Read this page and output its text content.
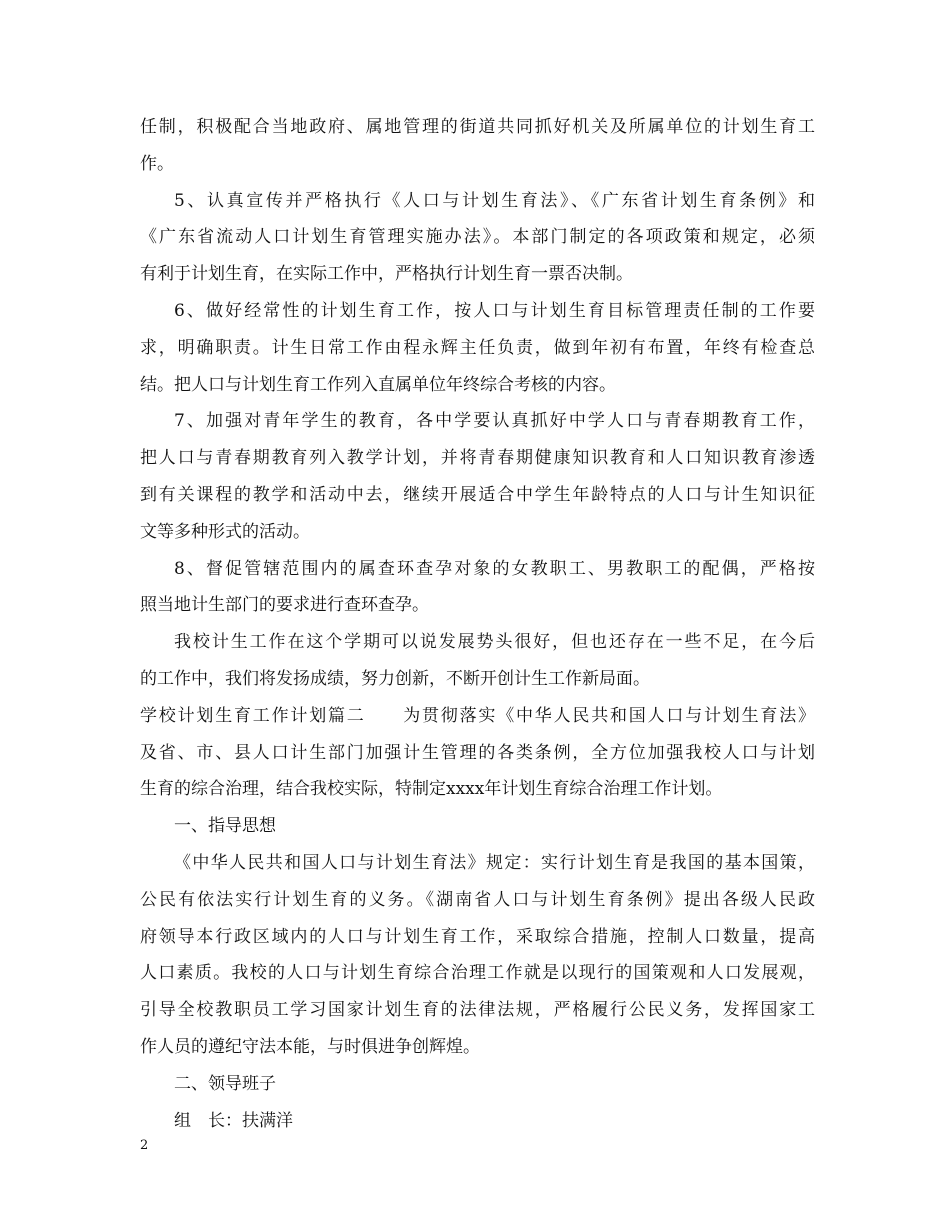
任制，积极配合当地政府、属地管理的街道共同抓好机关及所属单位的计划生育工
作。
5、认真宣传并严格执行《人口与计划生育法》、《广东省计划生育条例》和
《广东省流动人口计划生育管理实施办法》。本部门制定的各项政策和规定，必须
有利于计划生育，在实际工作中，严格执行计划生育一票否决制。
6、做好经常性的计划生育工作，按人口与计划生育目标管理责任制的工作要
求，明确职责。计生日常工作由程永辉主任负责，做到年初有布置，年终有检查总
结。把人口与计划生育工作列入直属单位年终综合考核的内容。
7、加强对青年学生的教育，各中学要认真抓好中学人口与青春期教育工作，
把人口与青春期教育列入教学计划，并将青春期健康知识教育和人口知识教育渗透
到有关课程的教学和活动中去，继续开展适合中学生年龄特点的人口与计生知识征
文等多种形式的活动。
8、督促管辖范围内的属查环查孕对象的女教职工、男教职工的配偶，严格按
照当地计生部门的要求进行查环查孕。
我校计生工作在这个学期可以说发展势头很好，但也还存在一些不足，在今后
的工作中，我们将发扬成绩，努力创新，不断开创计生工作新局面。
学校计划生育工作计划篇二　　为贯彻落实《中华人民共和国人口与计划生育法》
及省、市、县人口计生部门加强计生管理的各类条例，全方位加强我校人口与计划
生育的综合治理，结合我校实际，特制定xxxx年计划生育综合治理工作计划。
一、指导思想
《中华人民共和国人口与计划生育法》规定：实行计划生育是我国的基本国策，
公民有依法实行计划生育的义务。《湖南省人口与计划生育条例》提出各级人民政
府领导本行政区域内的人口与计划生育工作，采取综合措施，控制人口数量，提高
人口素质。我校的人口与计划生育综合治理工作就是以现行的国策观和人口发展观，
引导全校教职员工学习国家计划生育的法律法规，严格履行公民义务，发挥国家工
作人员的遵纪守法本能，与时俱进争创辉煌。
二、领导班子
组　长：扶满洋
2
